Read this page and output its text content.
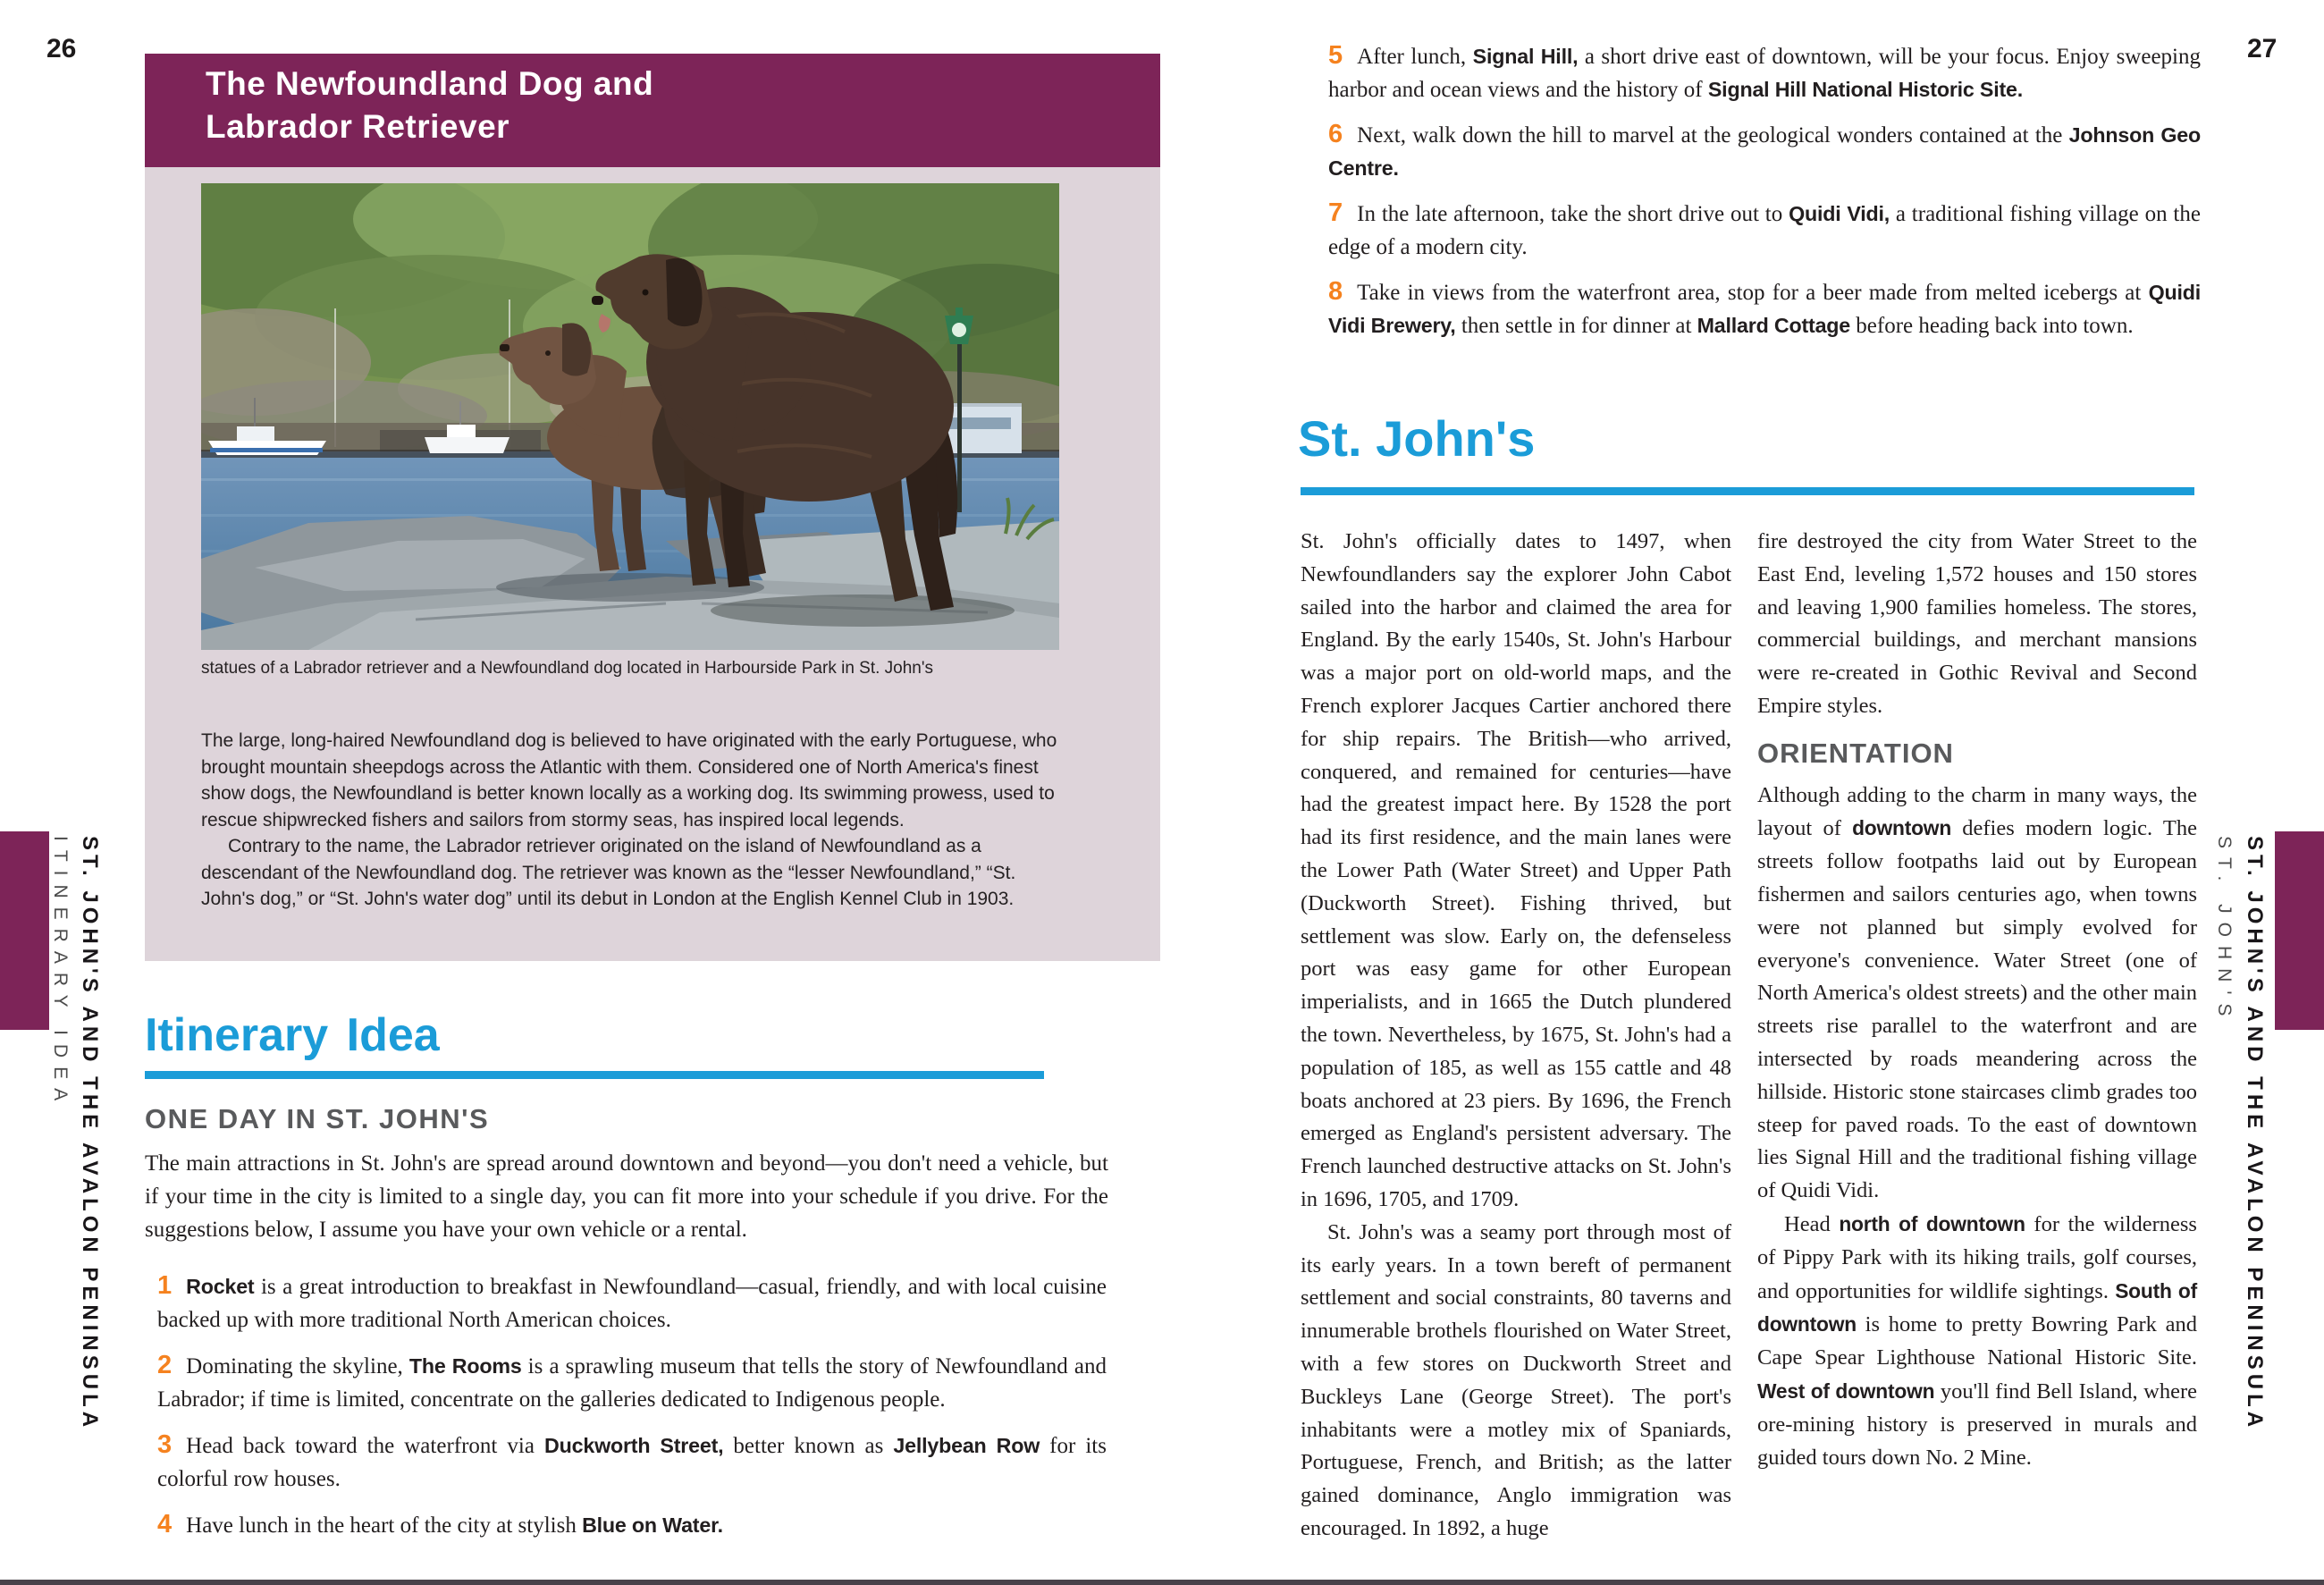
26	27
The Newfoundland Dog and Labrador Retriever
statues of a Labrador retriever and a Newfoundland dog located in Harbourside Park in St. John's

The large, long-haired Newfoundland dog is believed to have originated with the early Portuguese, who brought mountain sheepdogs across the Atlantic with them. Considered one of North America's finest show dogs, the Newfoundland is better known locally as a working dog. Its swimming prowess, used to rescue shipwrecked fishers and sailors from stormy seas, has inspired local legends.

Contrary to the name, the Labrador retriever originated on the island of Newfoundland as a descendant of the Newfoundland dog. The retriever was known as the “lesser Newfoundland,” “St. John's dog,” or “St. John's water dog” until its debut in London at the English Kennel Club in 1903.

Itinerary Idea
ONE DAY IN ST. JOHN'S
The main attractions in St. John's are spread around downtown and beyond—you don't need a vehicle, but if your time in the city is limited to a single day, you can fit more into your schedule if you drive. For the suggestions below, I assume you have your own vehicle or a rental.
1 Rocket is a great introduction to breakfast in Newfoundland—casual, friendly, and with local cuisine backed up with more traditional North American choices.
2 Dominating the skyline, The Rooms is a sprawling museum that tells the story of Newfoundland and Labrador; if time is limited, concentrate on the galleries dedicated to Indigenous people.
3 Head back toward the waterfront via Duckworth Street, better known as Jellybean Row for its colorful row houses.
4 Have lunch in the heart of the city at stylish Blue on Water.
5 After lunch, Signal Hill, a short drive east of downtown, will be your focus. Enjoy sweeping harbor and ocean views and the history of Signal Hill National Historic Site.
6 Next, walk down the hill to marvel at the geological wonders contained at the Johnson Geo Centre.
7 In the late afternoon, take the short drive out to Quidi Vidi, a traditional fishing village on the edge of a modern city.
8 Take in views from the waterfront area, stop for a beer made from melted icebergs at Quidi Vidi Brewery, then settle in for dinner at Mallard Cottage before heading back into town.
St. John's

St. John's officially dates to 1497, when Newfoundlanders say the explorer John Cabot sailed into the harbor and claimed the area for England. By the early 1540s, St. John's Harbour was a major port on old-world maps, and the French explorer Jacques Cartier anchored there for ship repairs. The British—who arrived, conquered, and remained for centuries—have had the greatest impact here. By 1528 the port had its first residence, and the main lanes were the Lower Path (Water Street) and Upper Path (Duckworth Street). Fishing thrived, but settlement was slow. Early on, the defenseless port was easy game for other European imperialists, and in 1665 the Dutch plundered the town. Nevertheless, by 1675, St. John's had a population of 185, as well as 155 cattle and 48 boats anchored at 23 piers. By 1696, the French emerged as England's persistent adversary. The French launched destructive attacks on St. John's in 1696, 1705, and 1709.

St. John's was a seamy port through most of its early years. In a town bereft of permanent settlement and social constraints, 80 taverns and innumerable brothels flourished on Water Street, with a few stores on Duckworth Street and Buckleys Lane (George Street). The port's inhabitants were a motley mix of Spaniards, Portuguese, French, and British; as the latter gained dominance, Anglo immigration was encouraged. In 1892, a huge

fire destroyed the city from Water Street to the East End, leveling 1,572 houses and 150 stores and leaving 1,900 families homeless. The stores, commercial buildings, and merchant mansions were re-created in Gothic Revival and Second Empire styles.

ORIENTATION

Although adding to the charm in many ways, the layout of downtown defies modern logic. The streets follow footpaths laid out by European fishermen and sailors centuries ago, when towns were not planned but simply evolved for everyone's convenience. Water Street (one of North America's oldest streets) and the other main streets rise parallel to the waterfront and are intersected by roads meandering across the hillside. Historic stone staircases climb grades too steep for paved roads. To the east of downtown lies Signal Hill and the traditional fishing village of Quidi Vidi.

Head north of downtown for the wilderness of Pippy Park with its hiking trails, golf courses, and opportunities for wildlife sightings. South of downtown is home to pretty Bowring Park and Cape Spear Lighthouse National Historic Site. West of downtown you'll find Bell Island, where ore-mining history is preserved in murals and guided tours down No. 2 Mine.

ITINERARY IDEA ST. JOHN'S AND THE AVALON PENINSULA	ST. JOHN'S ST. JOHN'S AND THE AVALON PENINSULA
